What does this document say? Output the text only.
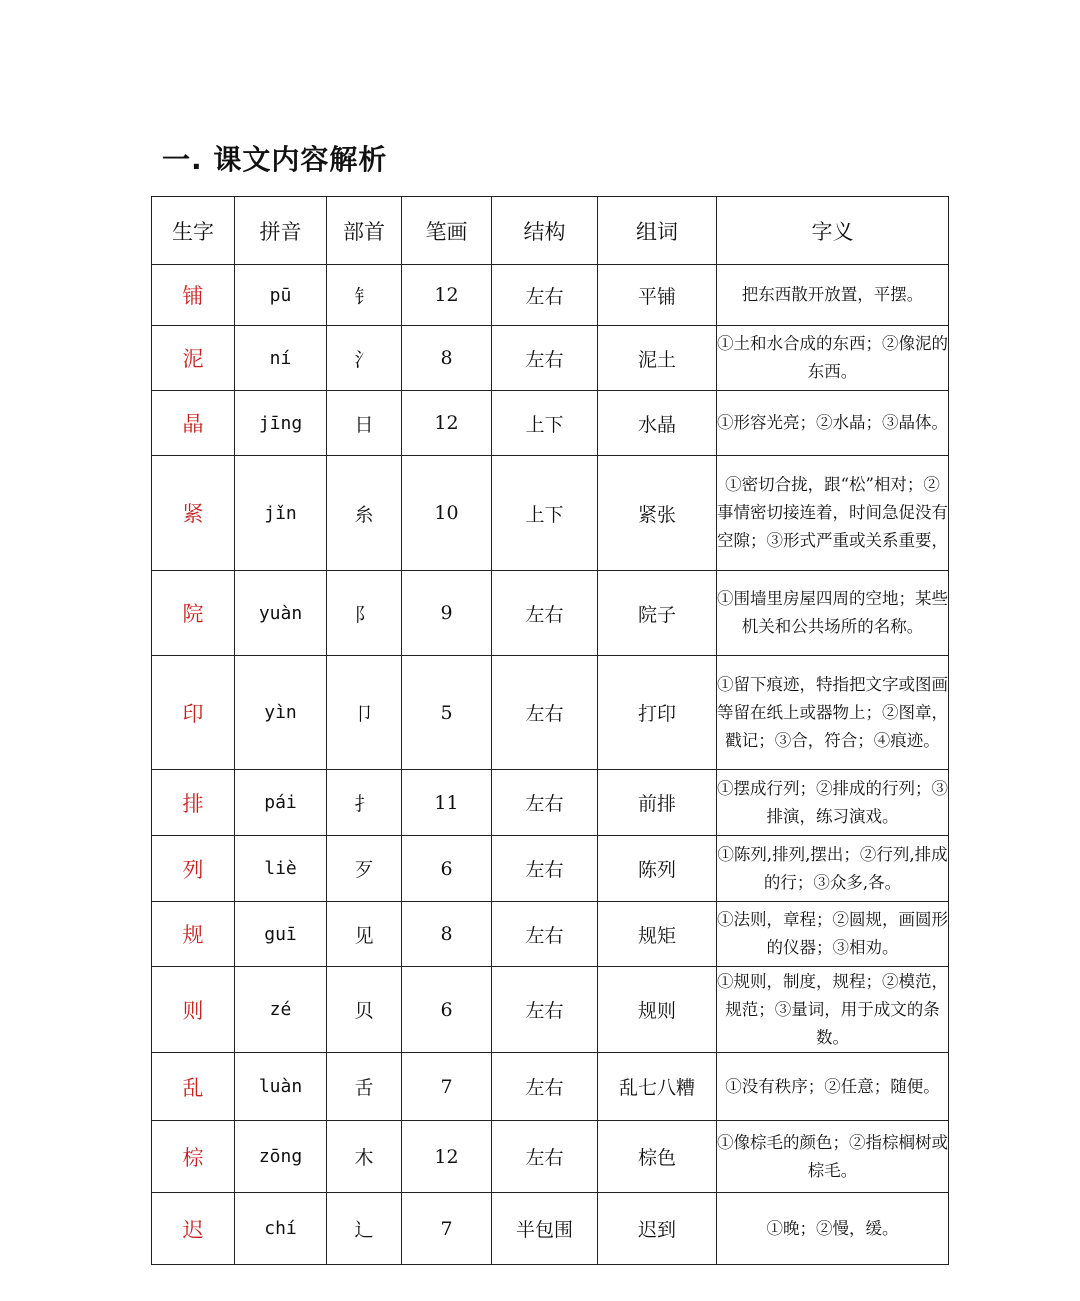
一. 课文内容解析
生字	拼音	部首	笔画	结构	组词	字义
铺	pū	钅	12	左右	平铺	把东西散开放置，平摆。
泥	ní	氵	8	左右	泥土	①土和水合成的东西；②像泥的东西。
晶	jīng	日	12	上下	水晶	①形容光亮；②水晶；③晶体。
紧	jǐn	糸	10	上下	紧张	①密切合拢，跟“松”相对；②事情密切接连着，时间急促没有空隙；③形式严重或关系重要，
院	yuàn	阝	9	左右	院子	①围墙里房屋四周的空地；某些机关和公共场所的名称。
印	yìn	卩	5	左右	打印	①留下痕迹，特指把文字或图画等留在纸上或器物上；②图章，戳记；③合，符合；④痕迹。
排	pái	扌	11	左右	前排	①摆成行列；②排成的行列；③排演，练习演戏。
列	liè	歹	6	左右	陈列	①陈列,排列,摆出；②行列,排成的行；③众多,各。
规	guī	见	8	左右	规矩	①法则，章程；②圆规，画圆形的仪器；③相劝。
则	zé	贝	6	左右	规则	①规则，制度，规程；②模范，规范；③量词，用于成文的条数。
乱	luàn	舌	7	左右	乱七八糟	①没有秩序；②任意；随便。
棕	zōng	木	12	左右	棕色	①像棕毛的颜色；②指棕榈树或棕毛。
迟	chí	辶	7	半包围	迟到	①晚；②慢，缓。
